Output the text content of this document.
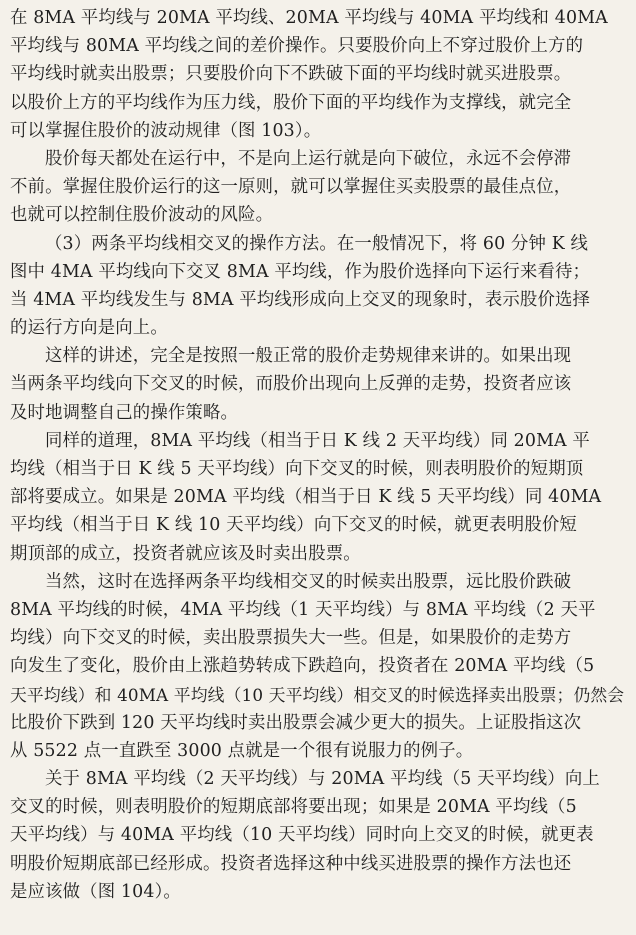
在 8MA 平均线与 20MA 平均线、20MA 平均线与 40MA 平均线和 40MA
平均线与 80MA 平均线之间的差价操作。只要股价向上不穿过股价上方的
平均线时就卖出股票；只要股价向下不跌破下面的平均线时就买进股票。
以股价上方的平均线作为压力线，股价下面的平均线作为支撑线，就完全
可以掌握住股价的波动规律（图 103）。
股价每天都处在运行中，不是向上运行就是向下破位，永远不会停滞
不前。掌握住股价运行的这一原则，就可以掌握住买卖股票的最佳点位，
也就可以控制住股价波动的风险。
（3）两条平均线相交叉的操作方法。在一般情况下，将 60 分钟 K 线
图中 4MA 平均线向下交叉 8MA 平均线，作为股价选择向下运行来看待；
当 4MA 平均线发生与 8MA 平均线形成向上交叉的现象时，表示股价选择
的运行方向是向上。
这样的讲述，完全是按照一般正常的股价走势规律来讲的。如果出现
当两条平均线向下交叉的时候，而股价出现向上反弹的走势，投资者应该
及时地调整自己的操作策略。
同样的道理，8MA 平均线（相当于日 K 线 2 天平均线）同 20MA 平
均线（相当于日 K 线 5 天平均线）向下交叉的时候，则表明股价的短期顶
部将要成立。如果是 20MA 平均线（相当于日 K 线 5 天平均线）同 40MA
平均线（相当于日 K 线 10 天平均线）向下交叉的时候，就更表明股价短
期顶部的成立，投资者就应该及时卖出股票。
当然，这时在选择两条平均线相交叉的时候卖出股票，远比股价跌破
8MA 平均线的时候，4MA 平均线（1 天平均线）与 8MA 平均线（2 天平
均线）向下交叉的时候，卖出股票损失大一些。但是，如果股价的走势方
向发生了变化，股价由上涨趋势转成下跌趋向，投资者在 20MA 平均线（5
天平均线）和 40MA 平均线（10 天平均线）相交叉的时候选择卖出股票；仍然会
比股价下跌到 120 天平均线时卖出股票会减少更大的损失。上证股指这次
从 5522 点一直跌至 3000 点就是一个很有说服力的例子。
关于 8MA 平均线（2 天平均线）与 20MA 平均线（5 天平均线）向上
交叉的时候，则表明股价的短期底部将要出现；如果是 20MA 平均线（5
天平均线）与 40MA 平均线（10 天平均线）同时向上交叉的时候，就更表
明股价短期底部已经形成。投资者选择这种中线买进股票的操作方法也还
是应该做（图 104）。
